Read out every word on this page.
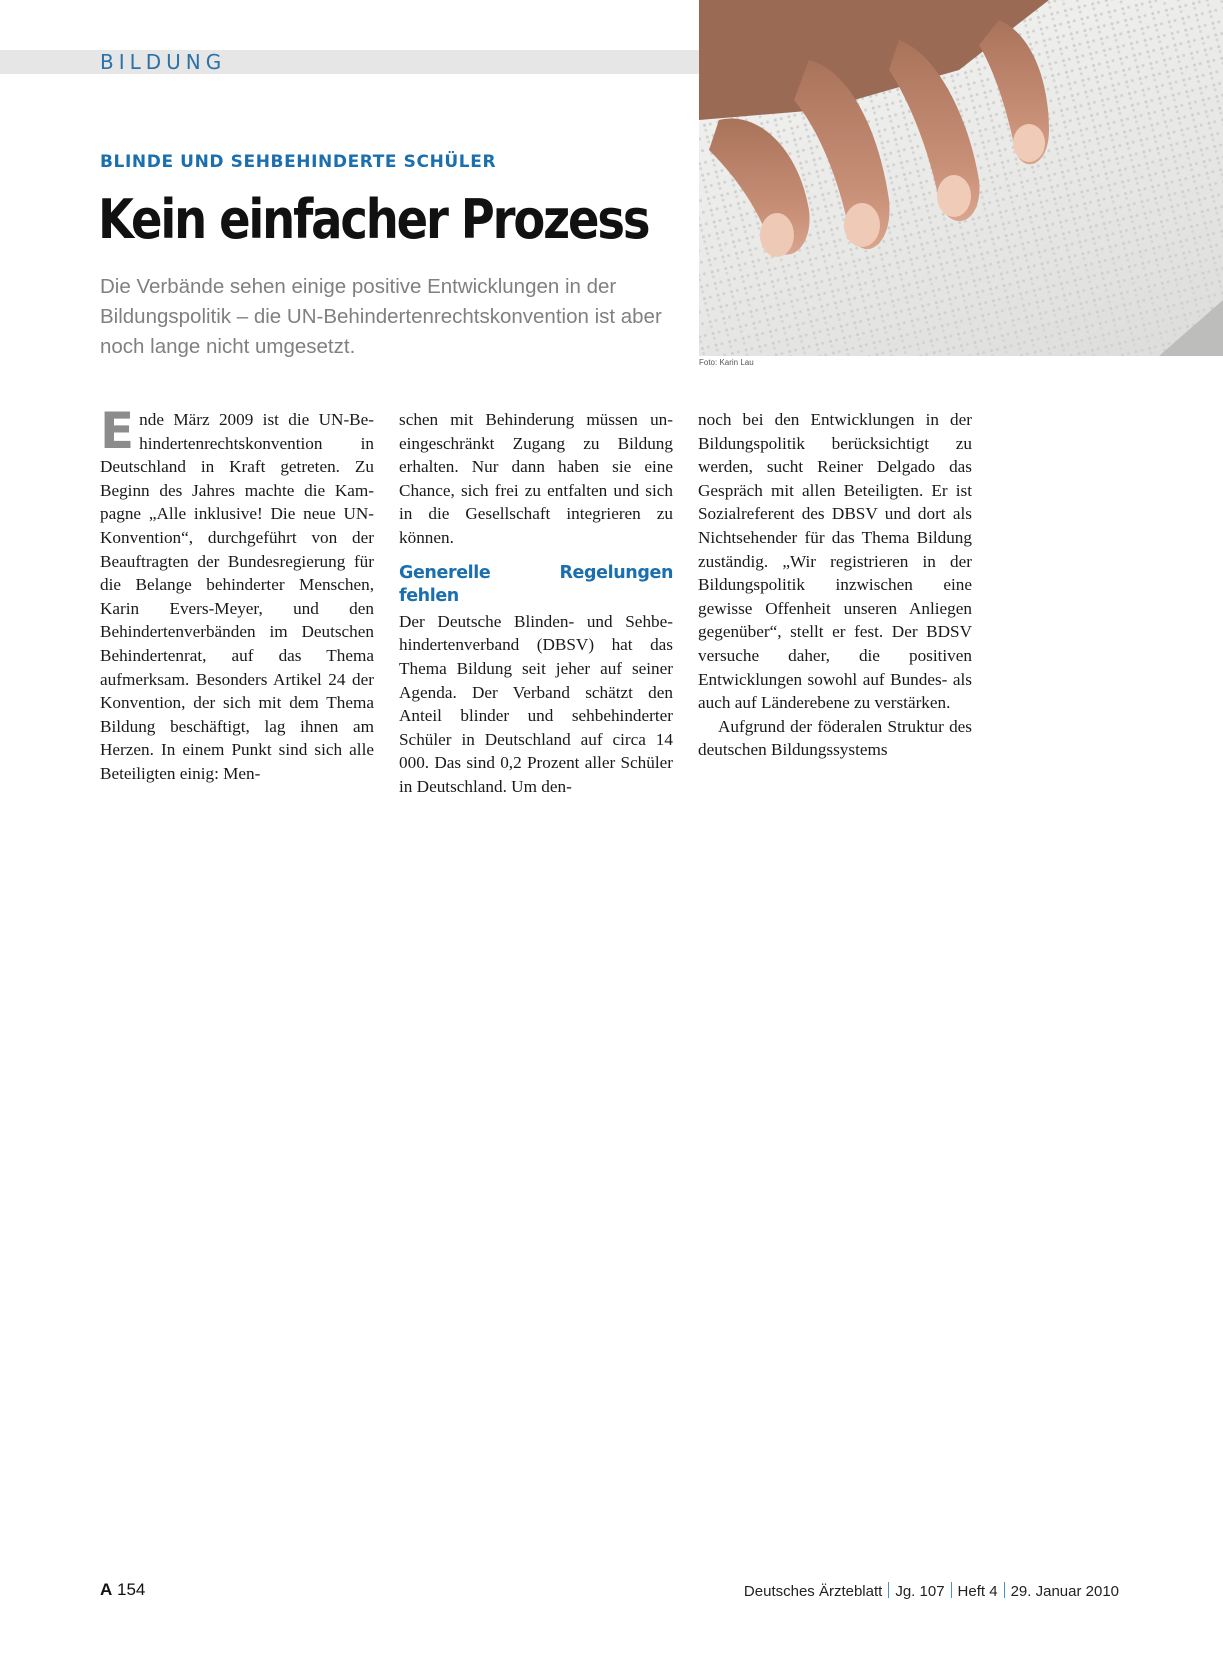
BILDUNG
Foto: Karin Lau
BLINDE UND SEHBEHINDERTE SCHÜLER
Kein einfacher Prozess
Die Verbände sehen einige positive Entwicklungen in der Bildungspolitik – die UN-Behindertenrechtskonvention ist aber noch lange nicht umgesetzt.
E nde März 2009 ist die UN-Behindertenrechtskonvention in Deutschland in Kraft getreten. Zu Beginn des Jahres machte die Kampagne „Alle inklusive! Die neue UN-Konvention“, durchgeführt von der Beauftragten der Bundesregierung für die Belange behinderter Menschen, Karin Evers-Meyer, und den Behindertenverbänden im Deutschen Behindertenrat, auf das Thema aufmerksam. Besonders Artikel 24 der Konvention, der sich mit dem Thema Bildung beschäftigt, lag ihnen am Herzen. In einem Punkt sind sich alle Beteiligten einig: Men-

schen mit Behinderung müssen uneingeschränkt Zugang zu Bildung erhalten. Nur dann haben sie eine Chance, sich frei zu entfalten und sich in die Gesellschaft integrieren zu können.

Generelle Regelungen fehlen

Der Deutsche Blinden- und Sehbehindertenverband (DBSV) hat das Thema Bildung seit jeher auf seiner Agenda. Der Verband schätzt den Anteil blinder und sehbehinderter Schüler in Deutschland auf circa 14 000. Das sind 0,2 Prozent aller Schüler in Deutschland. Um den-

noch bei den Entwicklungen in der Bildungspolitik berücksichtigt zu werden, sucht Reiner Delgado das Gespräch mit allen Beteiligten. Er ist Sozialreferent des DBSV und dort als Nichtsehender für das Thema Bildung zuständig. „Wir registrieren in der Bildungspolitik inzwischen eine gewisse Offenheit unseren Anliegen gegenüber“, stellt er fest. Der BDSV versuche daher, die positiven Entwicklungen sowohl auf Bundes- als auch auf Länderebene zu verstärken.

Aufgrund der föderalen Struktur des deutschen Bildungssystems

A 154	Deutsches Ärzteblatt Jg. 107 Heft 4 29. Januar 2010
